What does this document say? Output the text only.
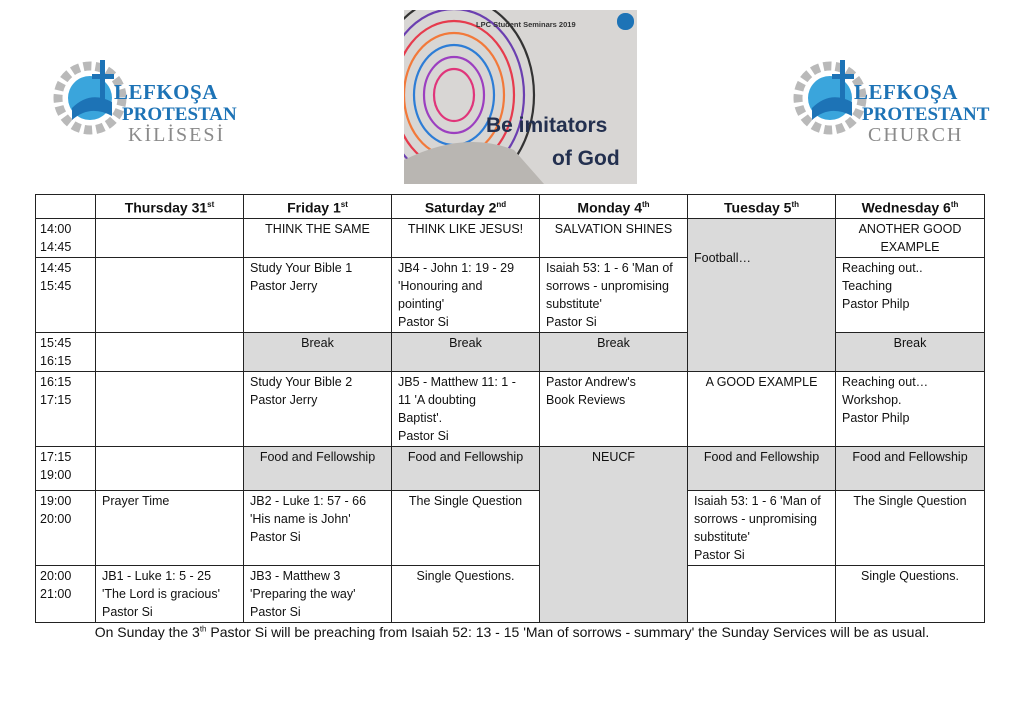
LEFKOŞA
PROTESTAN
KİLİSESİ
LPC Student Seminars 2019
Be imitators
of God
LEFKOŞA
PROTESTANT
CHURCH
	Thursday 31st	Friday 1st	Saturday 2nd	Monday 4th	Tuesday 5th	Wednesday 6th

14:00
14:45		THINK THE SAME	THINK LIKE JESUS!	SALVATION SHINES	Football…	ANOTHER GOOD
EXAMPLE

14:45
15:45		Study Your Bible 1
Pastor Jerry	JB4 - John 1: 19 - 29
'Honouring and
pointing'
Pastor Si	Isaiah 53: 1 - 6 'Man of
sorrows - unpromising
substitute'
Pastor Si		Reaching out..
Teaching
Pastor Philp

15:45
16:15		Break	Break	Break		Break

16:15
17:15		Study Your Bible 2
Pastor Jerry	JB5 - Matthew 11: 1 -
11 'A doubting
Baptist'.
Pastor Si	Pastor Andrew's
Book Reviews	A GOOD EXAMPLE	Reaching out…
Workshop.
Pastor Philp

17:15
19:00		Food and Fellowship	Food and Fellowship	NEUCF	Food and Fellowship	Food and Fellowship

19:00
20:00	Prayer Time	JB2 - Luke 1: 57 - 66
'His name is John'
Pastor Si	The Single Question		Isaiah 53: 1 - 6 'Man of
sorrows - unpromising
substitute'
Pastor Si	The Single Question

20:00
21:00	JB1 - Luke 1: 5 - 25
'The Lord is gracious'
Pastor Si	JB3 - Matthew 3
'Preparing the way'
Pastor Si	Single Questions.			Single Questions.
On Sunday the 3th Pastor Si will be preaching from Isaiah 52: 13 - 15 'Man of sorrows - summary' the Sunday Services will be as usual.
